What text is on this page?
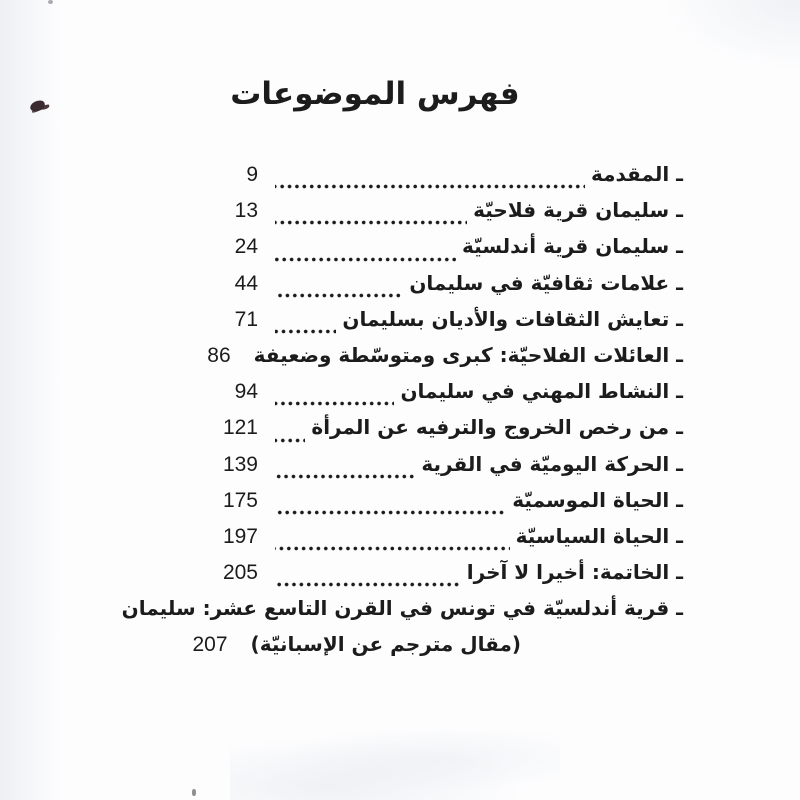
فهرس الموضوعات
ـ المقدمة
9
ـ سليمان قرية فلاحيّة
13
ـ سليمان قرية أندلسيّة
24
ـ علامات ثقافيّة في سليمان
44
ـ تعايش الثقافات والأديان بسليمان
71
ـ العائلات الفلاحيّة: كبرى ومتوسّطة وضعيفة
86
ـ النشاط المهني في سليمان
94
ـ من رخص الخروج والترفيه عن المرأة
121
ـ الحركة اليوميّة في القرية
139
ـ الحياة الموسميّة
175
ـ الحياة السياسيّة
197
ـ الخاتمة: أخيرا لا آخرا
205
ـ قرية أندلسيّة في تونس في القرن التاسع عشر: سليمان
(مقال مترجم عن الإسبانيّة)
207
